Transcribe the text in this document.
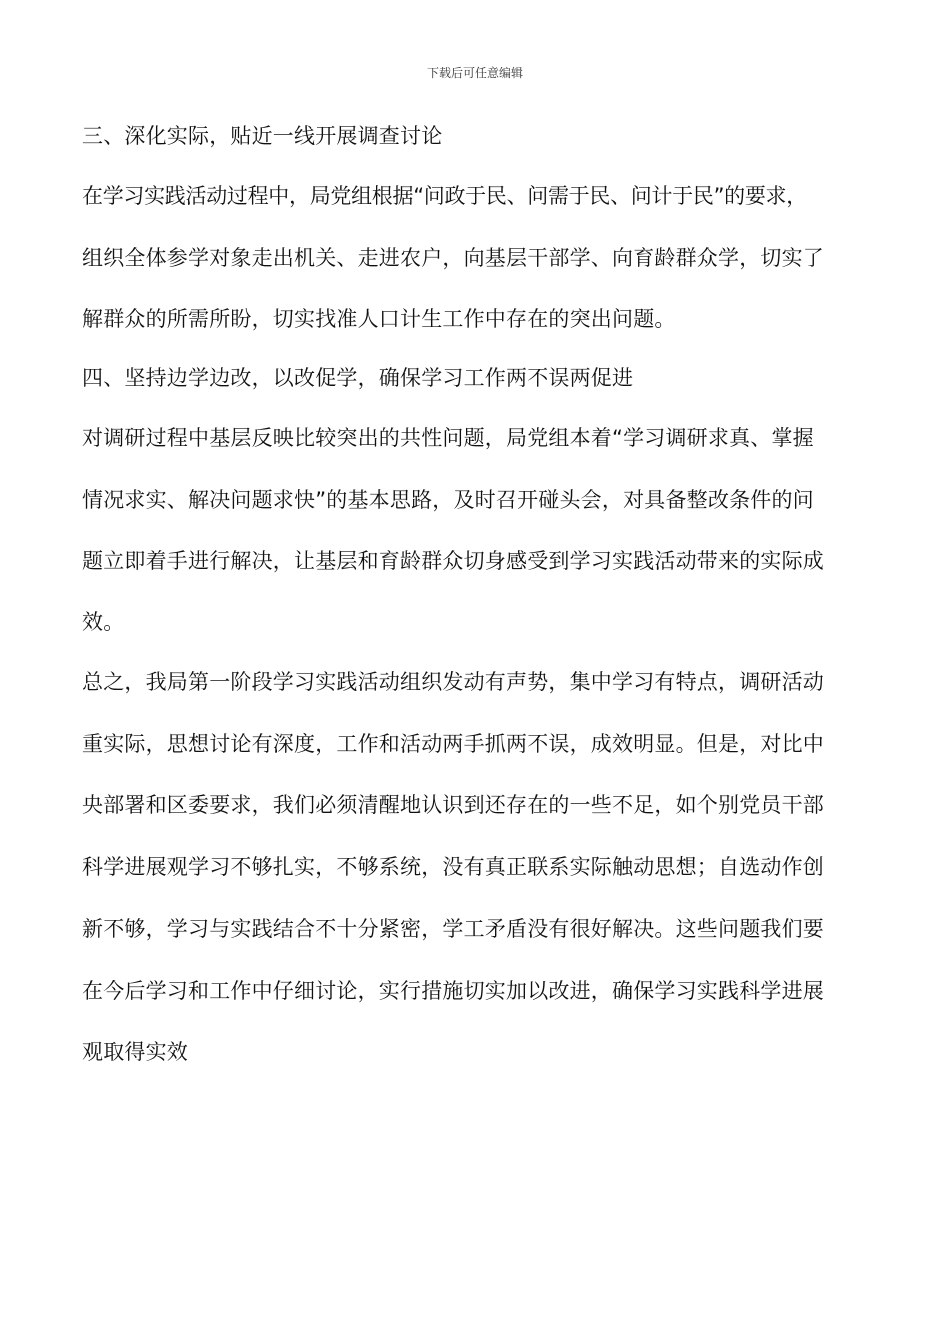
下载后可任意编辑
三、深化实际，贴近一线开展调查讨论
在学习实践活动过程中，局党组根据“问政于民、问需于民、问计于民”的要求，
组织全体参学对象走出机关、走进农户，向基层干部学、向育龄群众学，切实了
解群众的所需所盼，切实找准人口计生工作中存在的突出问题。
四、坚持边学边改，以改促学，确保学习工作两不误两促进
对调研过程中基层反映比较突出的共性问题，局党组本着“学习调研求真、掌握
情况求实、解决问题求快”的基本思路，及时召开碰头会，对具备整改条件的问
题立即着手进行解决，让基层和育龄群众切身感受到学习实践活动带来的实际成
效。
总之，我局第一阶段学习实践活动组织发动有声势，集中学习有特点，调研活动
重实际，思想讨论有深度，工作和活动两手抓两不误，成效明显。但是，对比中
央部署和区委要求，我们必须清醒地认识到还存在的一些不足，如个别党员干部
科学进展观学习不够扎实，不够系统，没有真正联系实际触动思想；自选动作创
新不够，学习与实践结合不十分紧密，学工矛盾没有很好解决。这些问题我们要
在今后学习和工作中仔细讨论，实行措施切实加以改进，确保学习实践科学进展
观取得实效
